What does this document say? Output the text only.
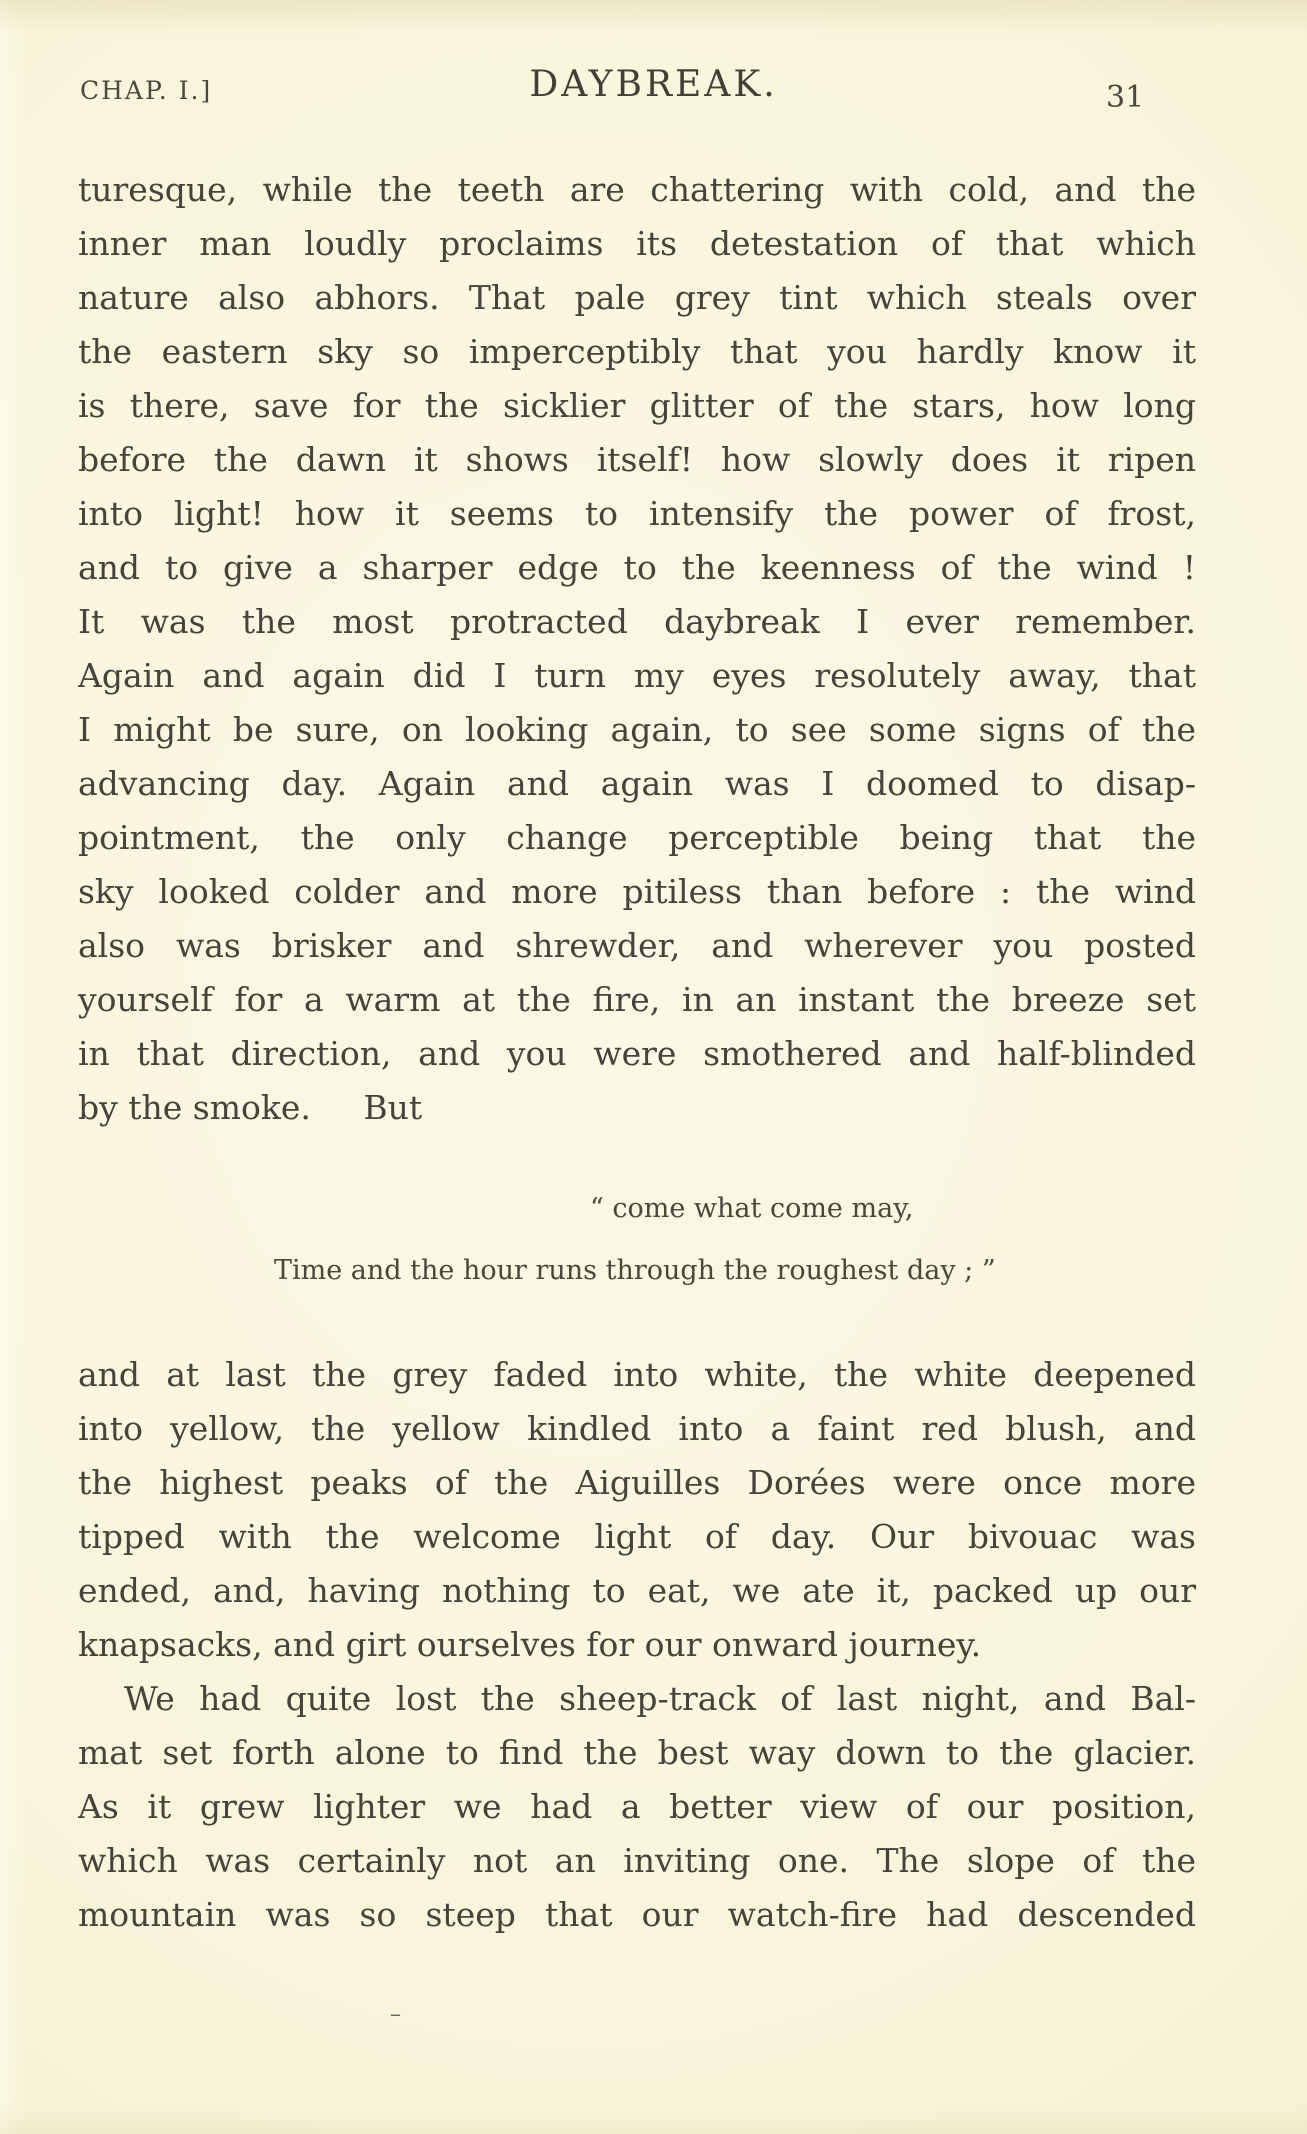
CHAP. I.]	DAYBREAK.	31
turesque, while the teeth are chattering with cold, and the
inner man loudly proclaims its detestation of that which
nature also abhors. That pale grey tint which steals over
the eastern sky so imperceptibly that you hardly know it
is there, save for the sicklier glitter of the stars, how long
before the dawn it shows itself! how slowly does it ripen
into light! how it seems to intensify the power of frost,
and to give a sharper edge to the keenness of the wind !
It was the most protracted daybreak I ever remember.
Again and again did I turn my eyes resolutely away, that
I might be sure, on looking again, to see some signs of the
advancing day. Again and again was I doomed to disap-
pointment, the only change perceptible being that the
sky looked colder and more pitiless than before : the wind
also was brisker and shrewder, and wherever you posted
yourself for a warm at the fire, in an instant the breeze set
in that direction, and you were smothered and half-blinded
by the smoke.     But
“ come what come may,
Time and the hour runs through the roughest day ; ”
and at last the grey faded into white, the white deepened
into yellow, the yellow kindled into a faint red blush, and
the highest peaks of the Aiguilles Dorées were once more
tipped with the welcome light of day. Our bivouac was
ended, and, having nothing to eat, we ate it, packed up our
knapsacks, and girt ourselves for our onward journey.
We had quite lost the sheep-track of last night, and Bal-
mat set forth alone to find the best way down to the glacier.
As it grew lighter we had a better view of our position,
which was certainly not an inviting one. The slope of the
mountain was so steep that our watch-fire had descended
–
